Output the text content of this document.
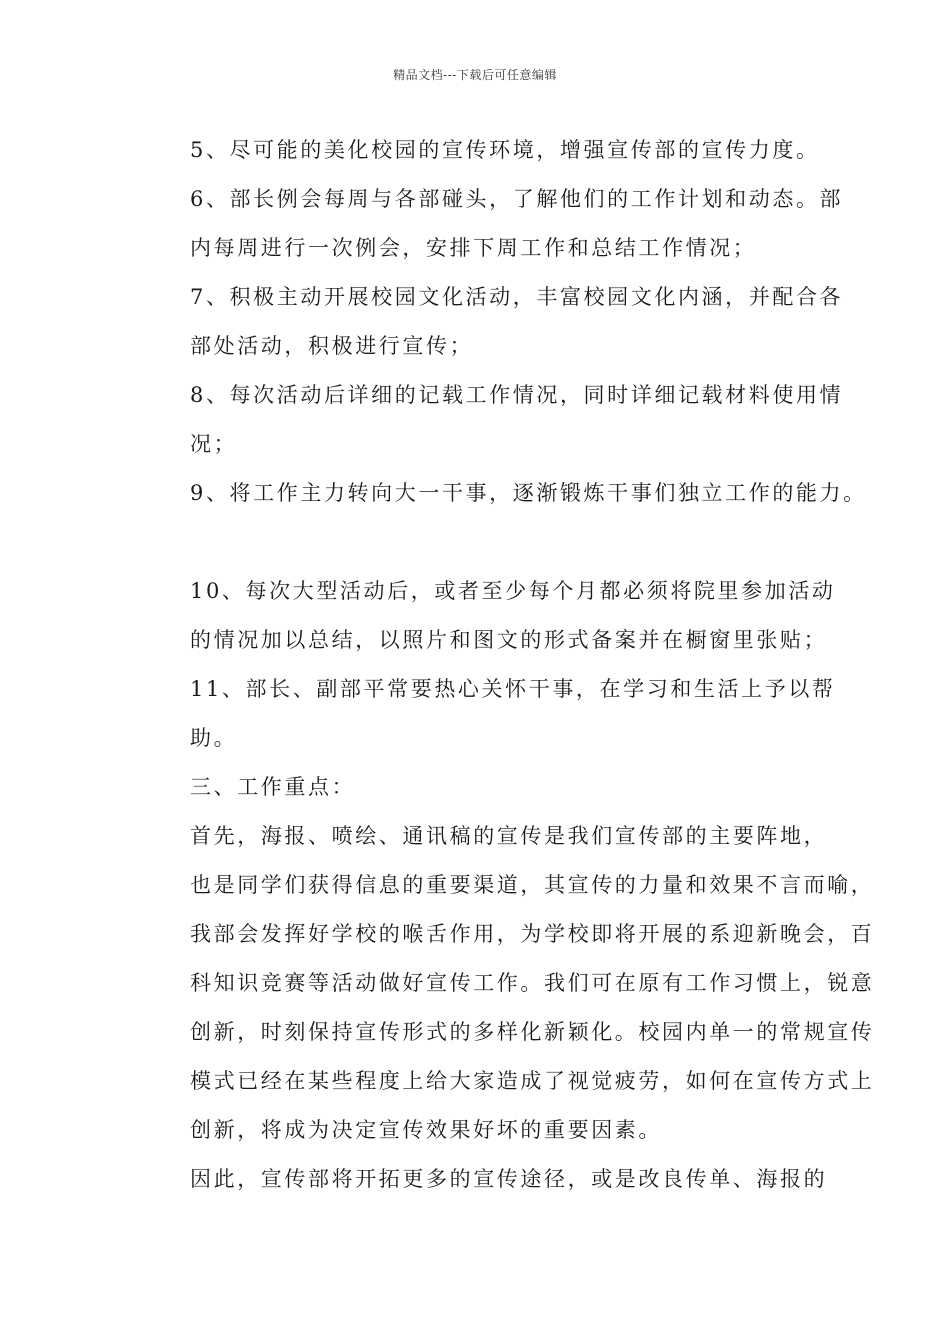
精品文档---下载后可任意编辑

5、尽可能的美化校园的宣传环境，增强宣传部的宣传力度。

6、部长例会每周与各部碰头，了解他们的工作计划和动态。部
内每周进行一次例会，安排下周工作和总结工作情况；

7、积极主动开展校园文化活动，丰富校园文化内涵，并配合各
部处活动，积极进行宣传；

8、每次活动后详细的记载工作情况，同时详细记载材料使用情
况；

9、将工作主力转向大一干事，逐渐锻炼干事们独立工作的能力。

10、每次大型活动后，或者至少每个月都必须将院里参加活动
的情况加以总结，以照片和图文的形式备案并在橱窗里张贴；

11、部长、副部平常要热心关怀干事，在学习和生活上予以帮
助。

三、工作重点：

首先，海报、喷绘、通讯稿的宣传是我们宣传部的主要阵地，
也是同学们获得信息的重要渠道，其宣传的力量和效果不言而喻，
我部会发挥好学校的喉舌作用，为学校即将开展的系迎新晚会，百
科知识竞赛等活动做好宣传工作。我们可在原有工作习惯上，锐意
创新，时刻保持宣传形式的多样化新颖化。校园内单一的常规宣传
模式已经在某些程度上给大家造成了视觉疲劳，如何在宣传方式上
创新，将成为决定宣传效果好坏的重要因素。

因此，宣传部将开拓更多的宣传途径，或是改良传单、海报的
